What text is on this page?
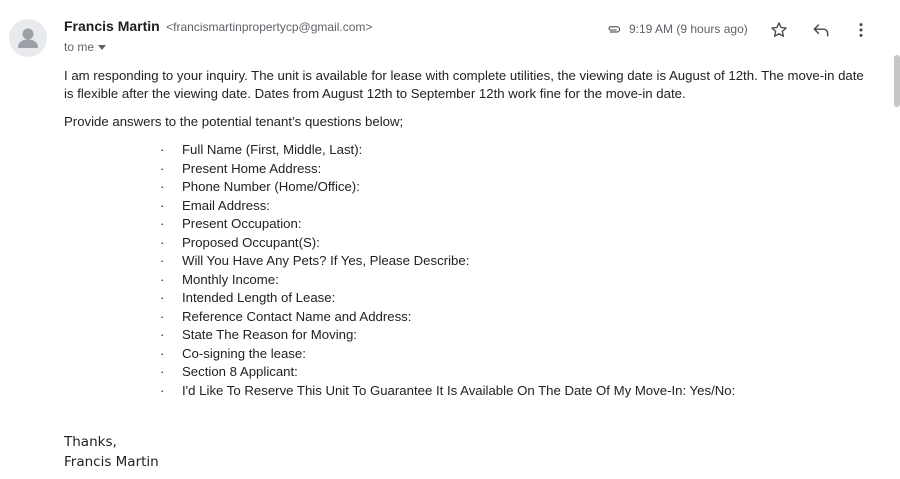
Francis Martin <francismartinpropertycp@gmail.com>
to me
9:19 AM (9 hours ago)

I am responding to your inquiry. The unit is available for lease with complete utilities, the viewing date is August of 12th. The move-in date is flexible after the viewing date. Dates from August 12th to September 12th work fine for the move-in date.

Provide answers to the potential tenant’s questions below;

· Full Name (First, Middle, Last):
· Present Home Address:
· Phone Number (Home/Office):
· Email Address:
· Present Occupation:
· Proposed Occupant(S):
· Will You Have Any Pets? If Yes, Please Describe:
· Monthly Income:
· Intended Length of Lease:
· Reference Contact Name and Address:
· State The Reason for Moving:
· Co-signing the lease:
· Section 8 Applicant:
· I'd Like To Reserve This Unit To Guarantee It Is Available On The Date Of My Move-In: Yes/No:
Thanks,
Francis Martin
